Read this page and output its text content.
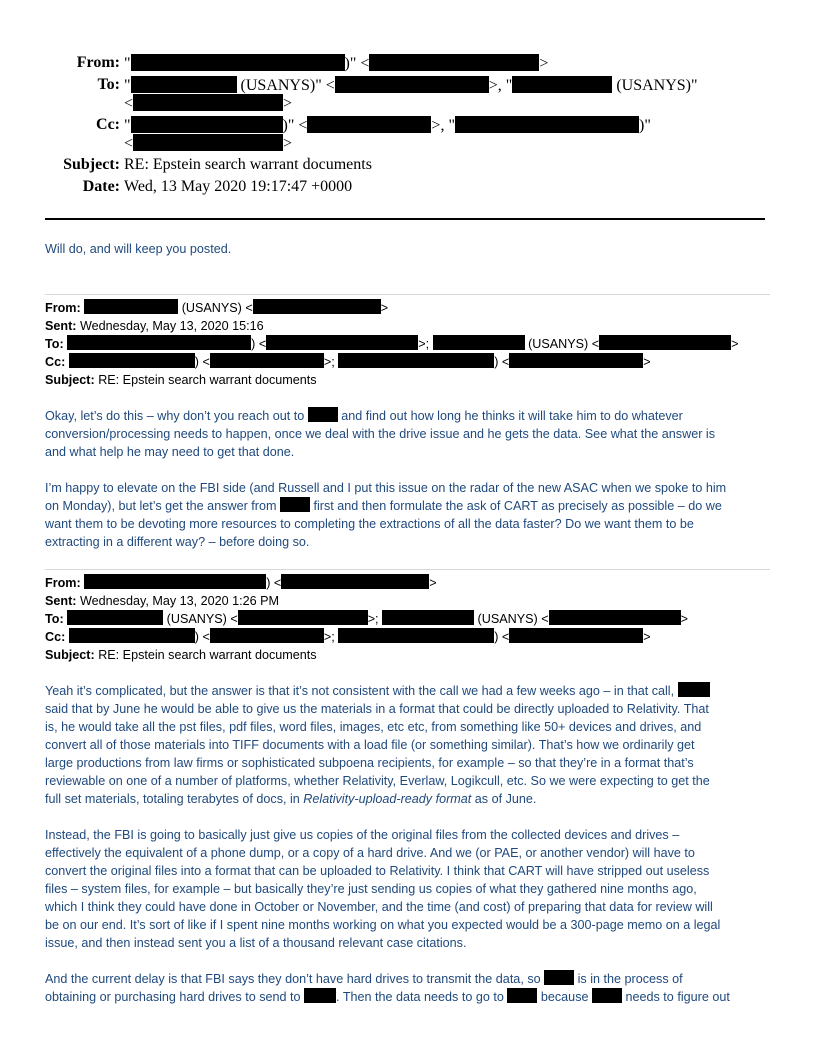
From: "	)" <	>
To: "	(USANYS)" <	>, "	(USANYS)"
<	>
Cc: "	)" <	>, "	)"
<	>
Subject: RE: Epstein search warrant documents
Date: Wed, 13 May 2020 19:17:47 +0000
Will do, and will keep you posted.
From:	(USANYS) <	>
Sent: Wednesday, May 13, 2020 15:16
To:	) <	>;	(USANYS) <	>
Cc:	) <	>;	) <	>
Subject: RE: Epstein search warrant documents
Okay, let’s do this – why don’t you reach out to	and find out how long he thinks it will take him to do whatever
conversion/processing needs to happen, once we deal with the drive issue and he gets the data. See what the answer is
and what help he may need to get that done.
I’m happy to elevate on the FBI side (and Russell and I put this issue on the radar of the new ASAC when we spoke to him
on Monday), but let’s get the answer from	first and then formulate the ask of CART as precisely as possible – do we
want them to be devoting more resources to completing the extractions of all the data faster? Do we want them to be
extracting in a different way? – before doing so.
From:	) <	>
Sent: Wednesday, May 13, 2020 1:26 PM
To:	(USANYS) <	>;	(USANYS) <	>
Cc:	) <	>;	) <	>
Subject: RE: Epstein search warrant documents
Yeah it’s complicated, but the answer is that it’s not consistent with the call we had a few weeks ago – in that call,
said that by June he would be able to give us the materials in a format that could be directly uploaded to Relativity. That
is, he would take all the pst files, pdf files, word files, images, etc etc, from something like 50+ devices and drives, and
convert all of those materials into TIFF documents with a load file (or something similar). That’s how we ordinarily get
large productions from law firms or sophisticated subpoena recipients, for example – so that they’re in a format that’s
reviewable on one of a number of platforms, whether Relativity, Everlaw, Logikcull, etc. So we were expecting to get the
full set materials, totaling terabytes of docs, in Relativity-upload-ready format as of June.
Instead, the FBI is going to basically just give us copies of the original files from the collected devices and drives –
effectively the equivalent of a phone dump, or a copy of a hard drive. And we (or PAE, or another vendor) will have to
convert the original files into a format that can be uploaded to Relativity. I think that CART will have stripped out useless
files – system files, for example – but basically they’re just sending us copies of what they gathered nine months ago,
which I think they could have done in October or November, and the time (and cost) of preparing that data for review will
be on our end. It’s sort of like if I spent nine months working on what you expected would be a 300-page memo on a legal
issue, and then instead sent you a list of a thousand relevant case citations.
And the current delay is that FBI says they don’t have hard drives to transmit the data, so	is in the process of
obtaining or purchasing hard drives to send to	. Then the data needs to go to	because	needs to figure out
